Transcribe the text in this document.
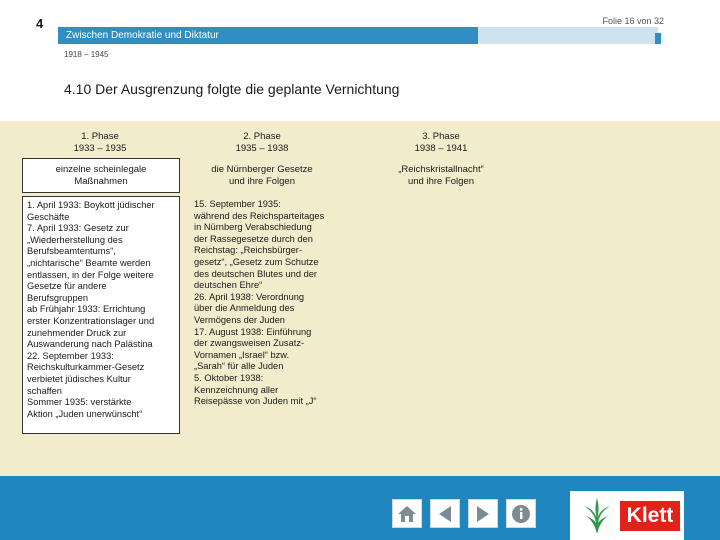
4	Folie 16 von 32
Zwischen Demokratie und Diktatur
1918 – 1945
4.10 Der Ausgrenzung folgte die geplante Vernichtung
1. Phase
1933 – 1935
einzelne scheinlegale
Maßnahmen
1. April 1933: Boykott jüdischer
Geschäfte
7. April 1933: Gesetz zur
„Wiederherstellung des
Berufsbeamtentums“,
„nichtarische“ Beamte werden
entlassen, in der Folge weitere
Gesetze für andere
Berufsgruppen
ab Frühjahr 1933: Errichtung
erster Konzentrationslager und
zunehmender Druck zur
Auswanderung nach Palästina
22. September 1933:
Reichskulturkammer-Gesetz
verbietet jüdisches Kultur
schaffen
Sommer 1935: verstärkte
Aktion „Juden unerwünscht“
2. Phase
1935 – 1938
die Nürnberger Gesetze
und ihre Folgen
15. September 1935:
während des Reichsparteitages
in Nürnberg Verabschiedung
der Rassegesetze durch den
Reichstag: „Reichsbürger-
gesetz“, „Gesetz zum Schutze
des deutschen Blutes und der
deutschen Ehre“
26. April 1938: Verordnung
über die Anmeldung des
Vermögens der Juden
17. August 1938: Einführung
der zwangsweisen Zusatz-
Vornamen „Israel“ bzw.
„Sarah“ für alle Juden
5. Oktober 1938:
Kennzeichnung aller
Reisepässe von Juden mit „J“
3. Phase
1938 – 1941
„Reichskristallnacht“
und ihre Folgen
Klett
